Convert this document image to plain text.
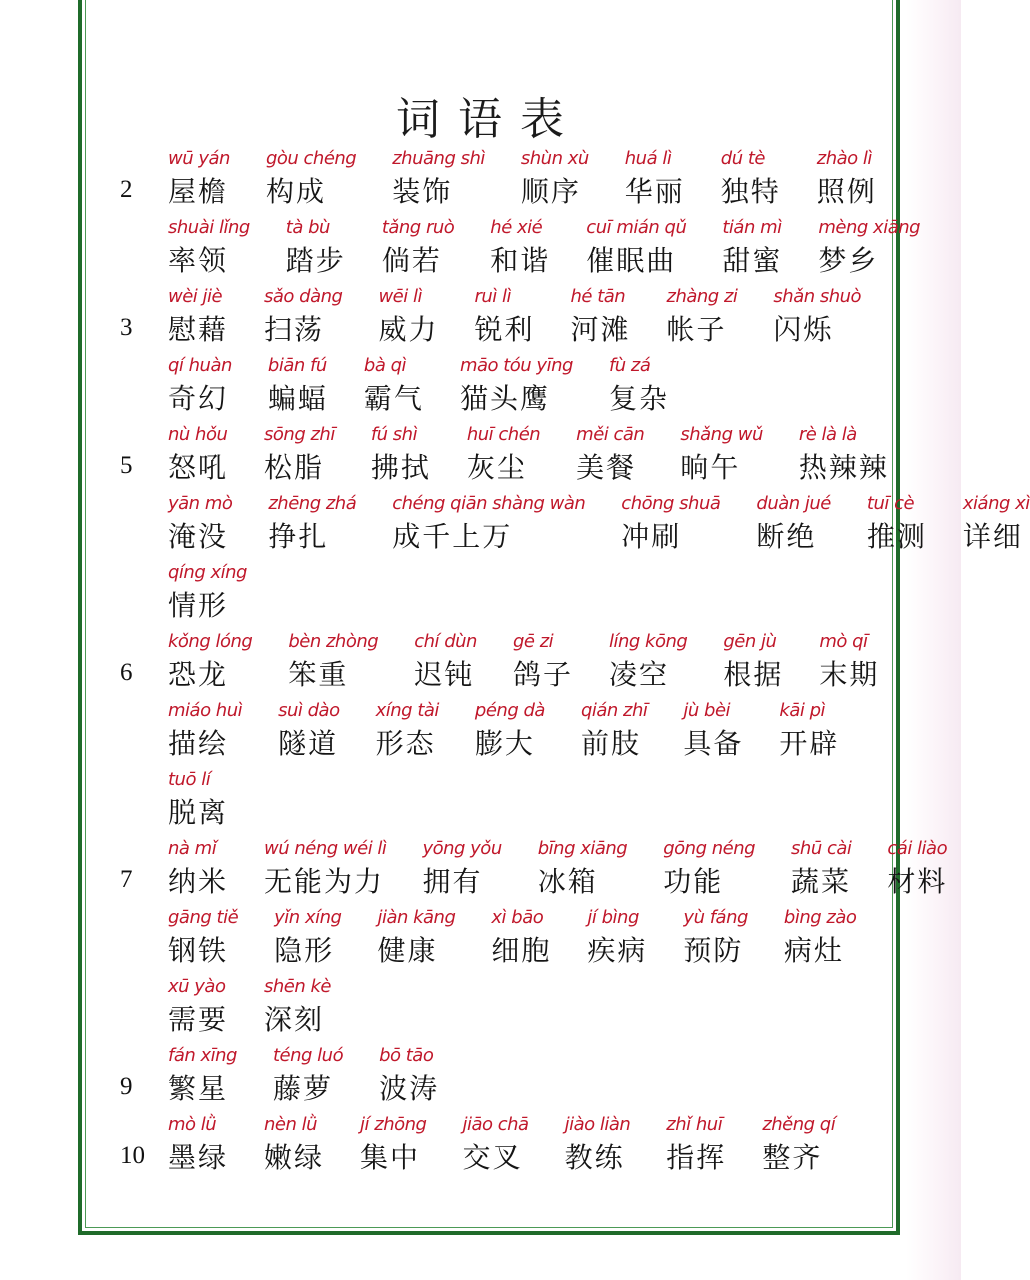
词语表
2
wū yán
屋檐
gòu chéng
构成
zhuāng shì
装饰
shùn xù
顺序
huá lì
华丽
dú tè
独特
zhào lì
照例
shuài lǐng
率领
tà bù
踏步
tǎng ruò
倘若
hé xié
和谐
cuī mián qǔ
催眠曲
tián mì
甜蜜
mèng xiāng
梦乡
3
wèi jiè
慰藉
sǎo dàng
扫荡
wēi lì
威力
ruì lì
锐利
hé tān
河滩
zhàng zi
帐子
shǎn shuò
闪烁
qí huàn
奇幻
biān fú
蝙蝠
bà qì
霸气
māo tóu yīng
猫头鹰
fù zá
复杂
5
nù hǒu
怒吼
sōng zhī
松脂
fú shì
拂拭
huī chén
灰尘
měi cān
美餐
shǎng wǔ
晌午
rè là là
热辣辣
yān mò
淹没
zhēng zhá
挣扎
chéng qiān shàng wàn
成千上万
chōng shuā
冲刷
duàn jué
断绝
tuī cè
推测
xiáng xì
详细
qíng xíng
情形
6
kǒng lóng
恐龙
bèn zhòng
笨重
chí dùn
迟钝
gē zi
鸽子
líng kōng
凌空
gēn jù
根据
mò qī
末期
miáo huì
描绘
suì dào
隧道
xíng tài
形态
péng dà
膨大
qián zhī
前肢
jù bèi
具备
kāi pì
开辟
tuō lí
脱离
7
nà mǐ
纳米
wú néng wéi lì
无能为力
yōng yǒu
拥有
bīng xiāng
冰箱
gōng néng
功能
shū cài
蔬菜
cái liào
材料
gāng tiě
钢铁
yǐn xíng
隐形
jiàn kāng
健康
xì bāo
细胞
jí bìng
疾病
yù fáng
预防
bìng zào
病灶
xū yào
需要
shēn kè
深刻
9
fán xīng
繁星
téng luó
藤萝
bō tāo
波涛
10
mò lǜ
墨绿
nèn lǜ
嫩绿
jí zhōng
集中
jiāo chā
交叉
jiào liàn
教练
zhǐ huī
指挥
zhěng qí
整齐
